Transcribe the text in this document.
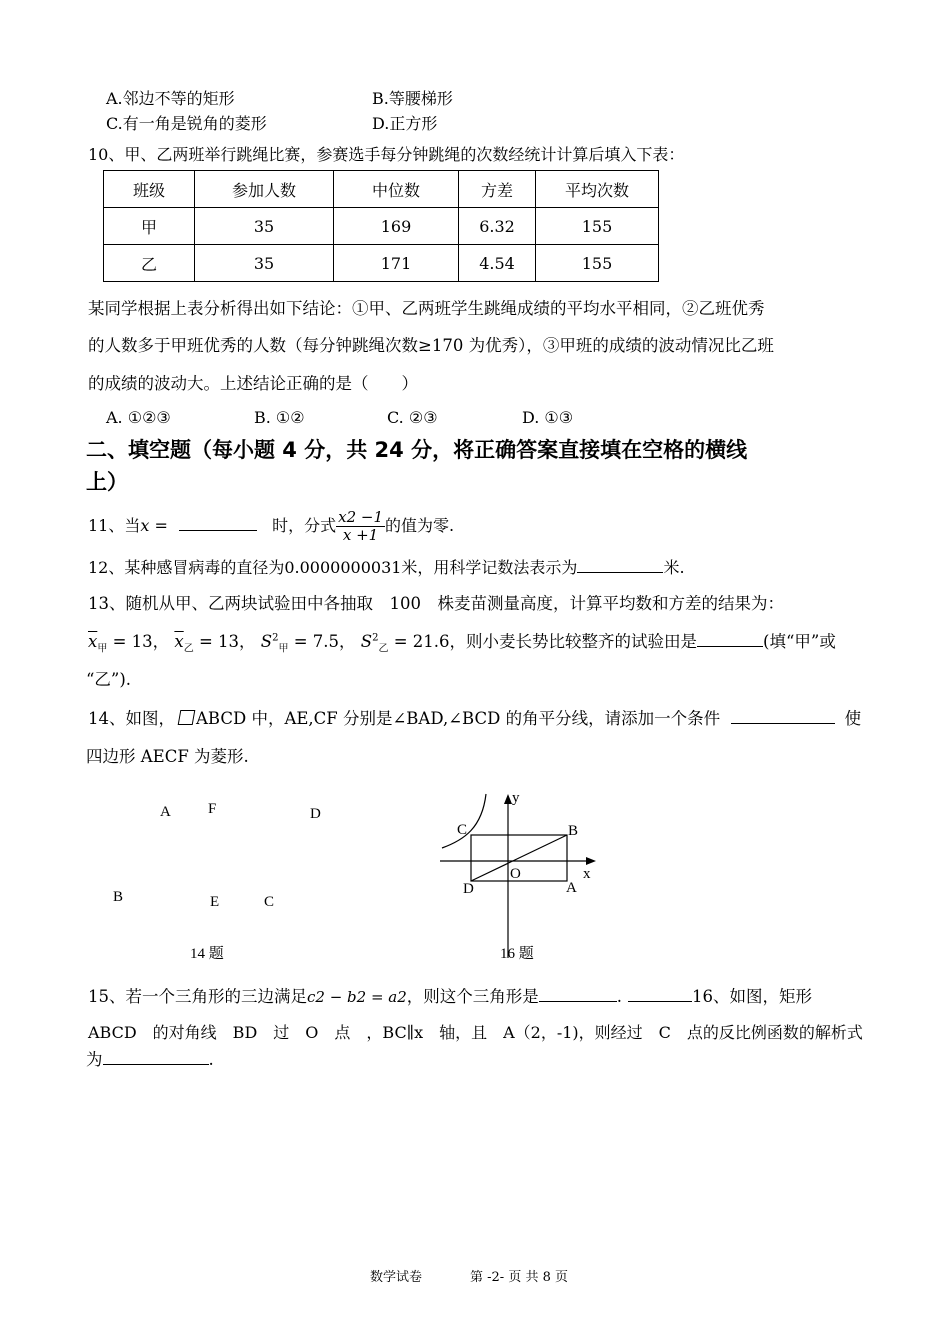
A.邻边不等的矩形	B.等腰梯形
C.有一角是锐角的菱形	D.正方形
10、甲、乙两班举行跳绳比赛，参赛选手每分钟跳绳的次数经统计计算后填入下表：
班级	参加人数	中位数	方差	平均次数
甲	35	169	6.32	155
乙	35	171	4.54	155
某同学根据上表分析得出如下结论：①甲、乙两班学生跳绳成绩的平均水平相同，②乙班优秀
的人数多于甲班优秀的人数（每分钟跳绳次数≥170 为优秀），③甲班的成绩的波动情况比乙班
的成绩的波动大。上述结论正确的是（　　）
A. ①②③	B. ①②	C. ②③	D. ①③
二、填空题（每小题 4 分，共 24 分，将正确答案直接填在空格的横线
上）
11、当x =	时，分式 $\frac{x2 -1}{x +1}$ 的值为零.
12、某种感冒病毒的直径为0.0000000031米，用科学记数法表示为	米.
13、随机从甲、乙两块试验田中各抽取　100　株麦苗测量高度，计算平均数和方差的结果为：
$\overline{x}_甲 = 13$， $\overline{x}_乙 = 13$， $S^2_甲 = 7.5$， $S^2_乙 = 21.6$，则小麦长势比较整齐的试验田是	(填“甲”或
“乙”).
14、如图， ABCD 中，AE,CF 分别是∠BAD,∠BCD 的角平分线，请添加一个条件	使
四边形 AECF 为菱形.
A F	D
B	E	C
14 题
y
C	B
O	x
D	A
16 题
15、若一个三角形的三边满足c2 − b2 = a2，则这个三角形是	.	16、如图，矩形
ABCD　的对角线　BD　过　O　点　，BC∥x　轴，且　A（2，-1)，则经过　C　点的反比例函数的解析式
为	.
数学试卷	第 -2- 页 共 8 页
